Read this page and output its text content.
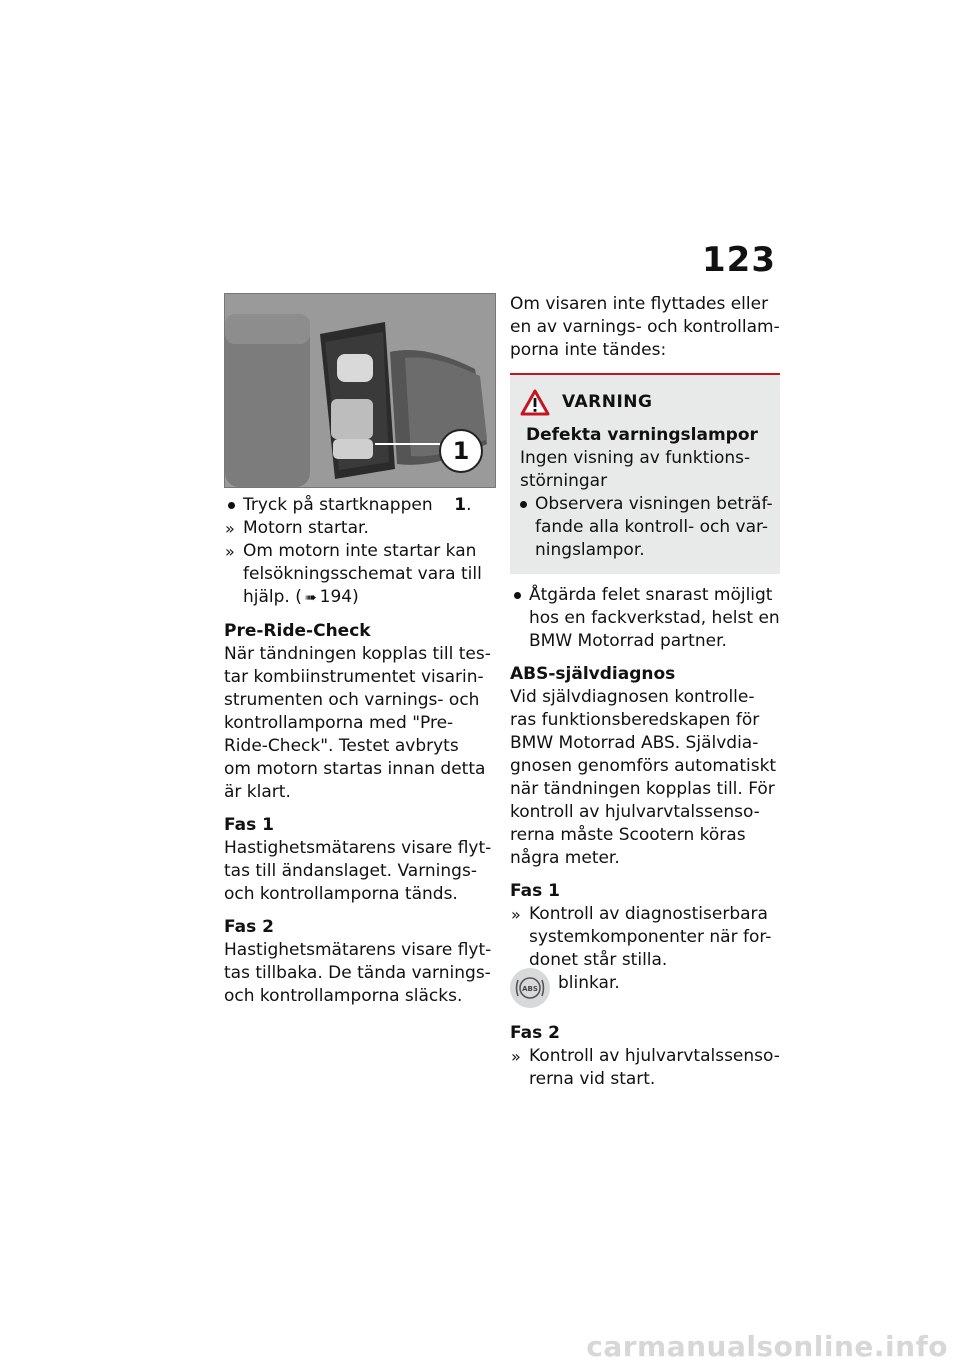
123
1

Tryck på startknappen 1.

» Motorn startar.

» Om motorn inte startar kan
felsökningsschemat vara till
hjälp. ( ➠ 194)

Pre-Ride-Check

När tändningen kopplas till tes-
tar kombiinstrumentet visarin-
strumenten och varnings- och
kontrollamporna med "Pre-
Ride-Check". Testet avbryts
om motorn startas innan detta
är klart.

Fas 1

Hastighetsmätarens visare flyt-
tas till ändanslaget. Varnings-
och kontrollamporna tänds.

Fas 2

Hastighetsmätarens visare flyt-
tas tillbaka. De tända varnings-
och kontrollamporna släcks.

Om visaren inte flyttades eller
en av varnings- och kontrollam-
porna inte tändes:

VARNING

Defekta varningslampor

Ingen visning av funktions-
störningar

Observera visningen beträf-
fande alla kontroll- och var-
ningslampor.

Åtgärda felet snarast möjligt
hos en fackverkstad, helst en
BMW Motorrad partner.

ABS-självdiagnos

Vid självdiagnosen kontrolle-
ras funktionsberedskapen för
BMW Motorrad ABS. Självdia-
gnosen genomförs automatiskt
när tändningen kopplas till. För
kontroll av hjulvarvtalssenso-
rerna måste Scootern köras
några meter.

Fas 1

» Kontroll av diagnostiserbara
systemkomponenter när for-
donet står stilla.

ABS blinkar.

Fas 2

» Kontroll av hjulvarvtalssenso-
rerna vid start.

carmanualsonline.info
